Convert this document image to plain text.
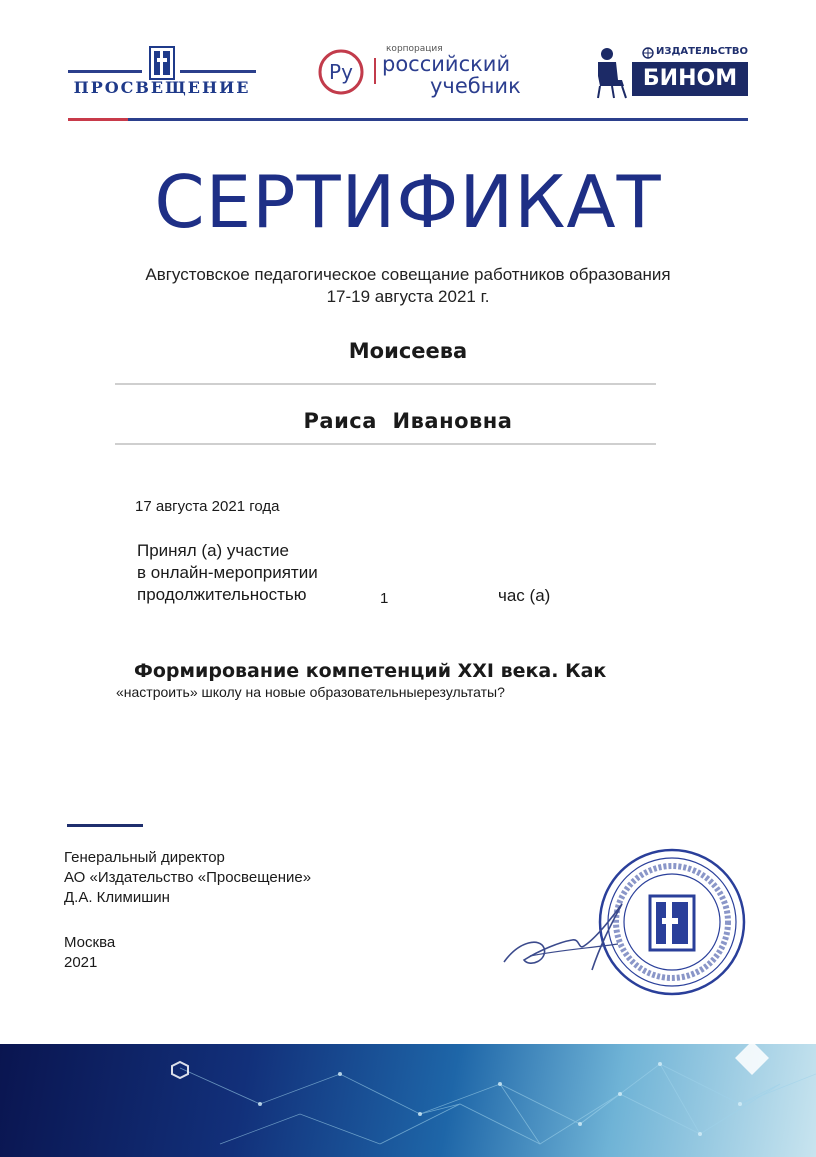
ПРОСВЕЩЕНИЕ
Ру
корпорация
российский
учебник
ИЗДАТЕЛЬСТВО
БИНОМ
СЕРТИФИКАТ
Августовское педагогическое совещание работников образования
17-19 августа 2021 г.
Моисеева
Раиса  Ивановна
17 августа 2021 года
Принял (а) участие
в онлайн-мероприятии
продолжительностью	1	час (а)
Формирование компетенций XXI века. Как
«настроить» школу на новые образовательныерезультаты?
Генеральный директор
АО «Издательство «Просвещение»
Д.А. Климишин
Москва
2021
